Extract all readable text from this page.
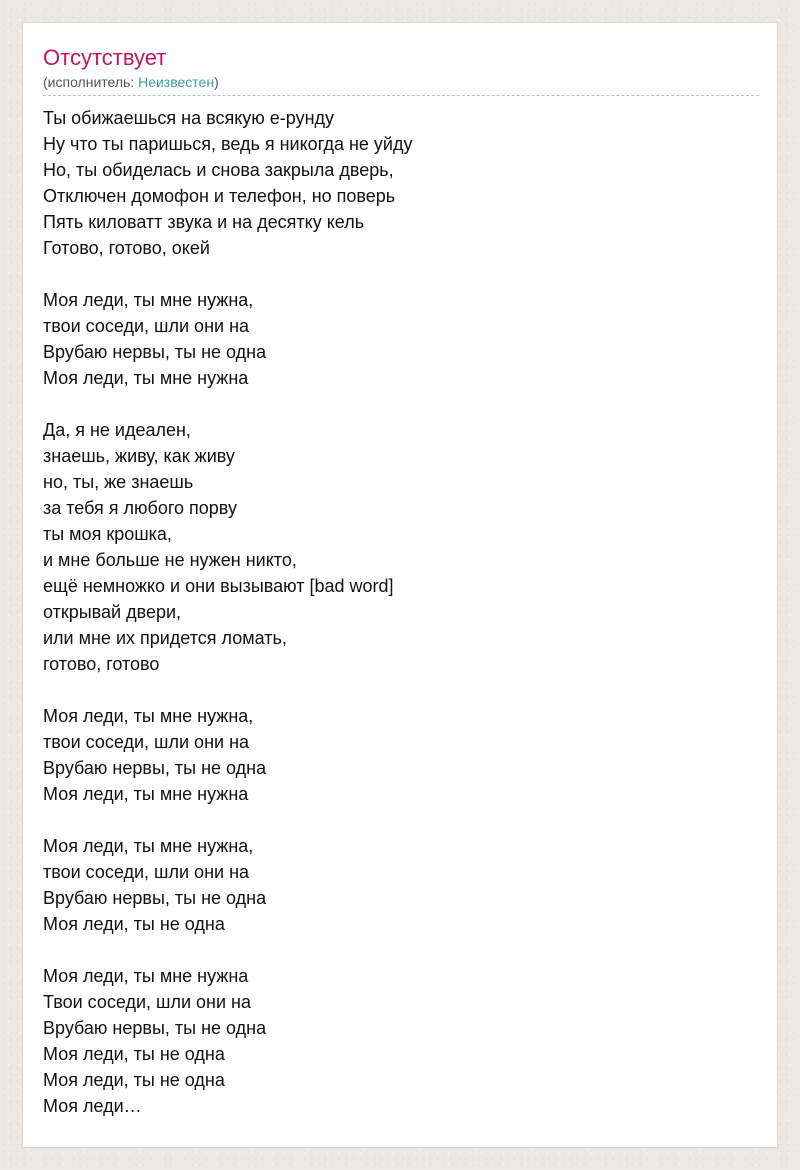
Отсутствует
(исполнитель: Неизвестен)
Ты обижаешься на всякую е-рунду
Ну что ты паришься, ведь я никогда не уйду
Но, ты обиделась и снова закрыла дверь,
Отключен домофон и телефон, но поверь
Пять киловатт звука и на десятку кель
Готово, готово, окей
Моя леди, ты мне нужна,
твои соседи, шли они на
Врубаю нервы, ты не одна
Моя леди, ты мне нужна
Да, я не идеален,
знаешь, живу, как живу
но, ты, же знаешь
за тебя я любого порву
ты моя крошка,
и мне больше не нужен никто,
ещё немножко и они вызывают [bad word]
открывай двери,
или мне их придется ломать,
готово, готово
Моя леди, ты мне нужна,
твои соседи, шли они на
Врубаю нервы, ты не одна
Моя леди, ты мне нужна
Моя леди, ты мне нужна,
твои соседи, шли они на
Врубаю нервы, ты не одна
Моя леди, ты не одна
Моя леди, ты мне нужна
Твои соседи, шли они на
Врубаю нервы, ты не одна
Моя леди, ты не одна
Моя леди, ты не одна
Моя леди…
